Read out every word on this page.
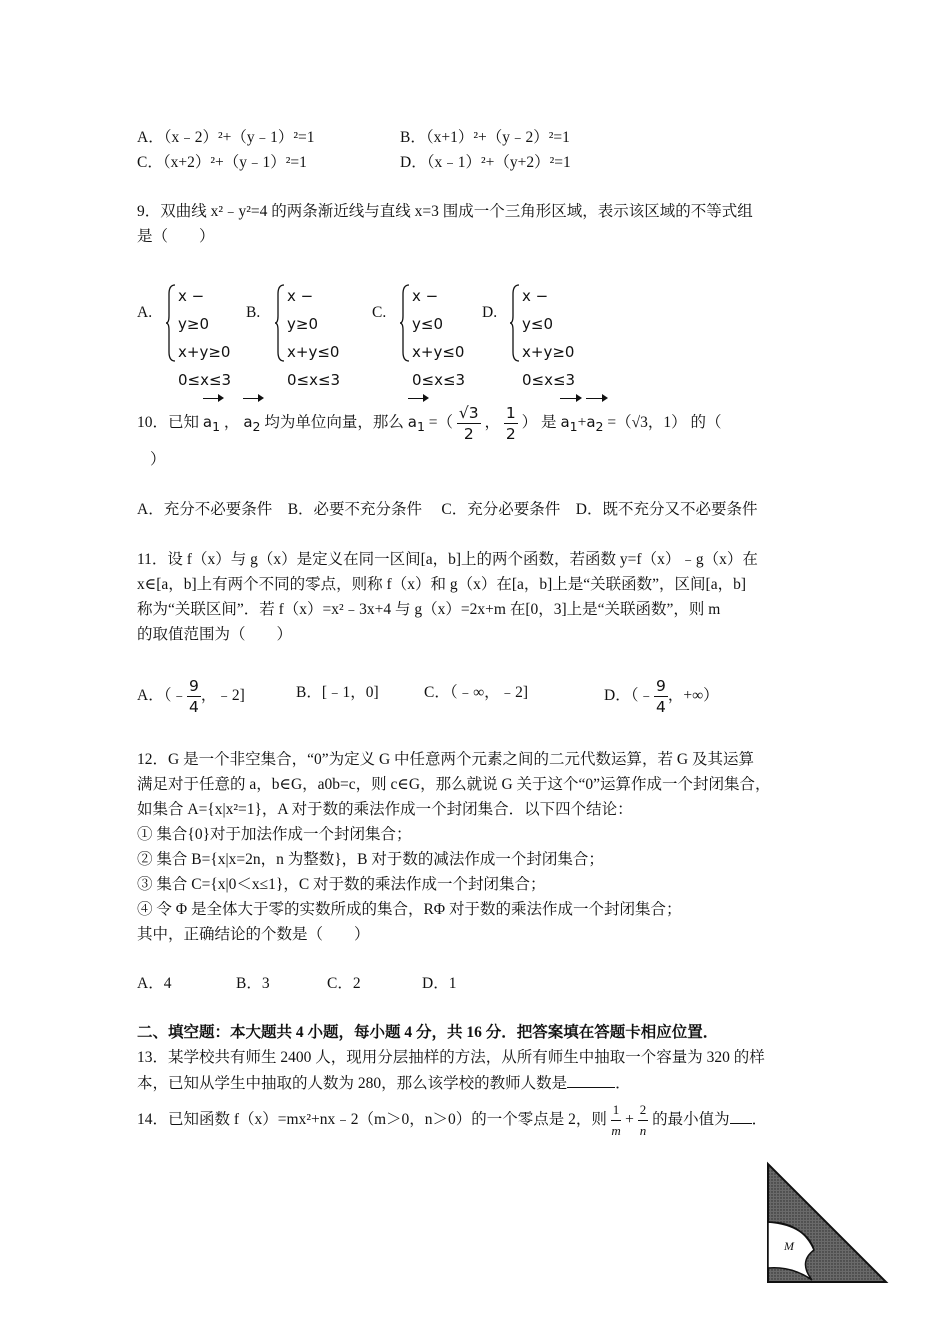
A．（x﹣2）²+（y﹣1）²=1	B．（x+1）²+（y﹣2）²=1
C．（x+2）²+（y﹣1）²=1	D．（x﹣1）²+（y+2）²=1
9．双曲线 x²﹣y²=4 的两条渐近线与直线 x=3 围成一个三角形区域，表示该区域的不等式组
是（　　）
A.
x − y≥0
x+y≥0
0≤x≤3
B.
x − y≥0
x+y≤0
0≤x≤3
C.
x − y≤0
x+y≤0
0≤x≤3
D.
x − y≤0
x+y≥0
0≤x≤3
10．已知 $a_1$ ， $a_2$ 均为单位向量，那么 $a_1$ =（ $\frac{√3}{2}$ ， $\frac{1}{2}$ ） 是 $a_1+a_2 =(√3$，1） 的（
）
A．充分不必要条件　B．必要不充分条件　 C．充分必要条件　D．既不充分又不必要条件
11．设 f（x）与 g（x）是定义在同一区间[a，b]上的两个函数，若函数 y=f（x）﹣g（x）在
x∈[a，b]上有两个不同的零点，则称 f（x）和 g（x）在[a，b]上是“关联函数”，区间[a，b]
称为“关联区间”．若 f（x）=x²﹣3x+4 与 g（x）=2x+m 在[0，3]上是“关联函数”，则 m
的取值范围为（　　）
A．（﹣ $\frac{9}{4}$ ，﹣2]	B．[﹣1，0]	C．（﹣∞，﹣2]	D．（﹣ $\frac{9}{4}$ ，+∞）
12．G 是一个非空集合，“0”为定义 G 中任意两个元素之间的二元代数运算，若 G 及其运算
满足对于任意的 a，b∈G，a0b=c，则 c∈G，那么就说 G 关于这个“0”运算作成一个封闭集合，
如集合 A={x|x²=1}，A 对于数的乘法作成一个封闭集合．以下四个结论：
① 集合{0}对于加法作成一个封闭集合；
② 集合 B={x|x=2n，n 为整数}，B 对于数的减法作成一个封闭集合；
③ 集合 C={x|0＜x≤1}，C 对于数的乘法作成一个封闭集合；
④ 令 Φ 是全体大于零的实数所成的集合，RΦ 对于数的乘法作成一个封闭集合；
其中，正确结论的个数是（　　）
A．4	B．3	C．2	D．1
二、填空题：本大题共 4 小题，每小题 4 分，共 16 分．把答案填在答题卡相应位置．
13．某学校共有师生 2400 人，现用分层抽样的方法，从所有师生中抽取一个容量为 320 的样
本，已知从学生中抽取的人数为 280，那么该学校的教师人数是	．
14．已知函数 f（x）=mx²+nx﹣2（m＞0，n＞0）的一个零点是 2，则 $\frac{1}{m} + \frac{2}{n}$ 的最小值为 ．
M
